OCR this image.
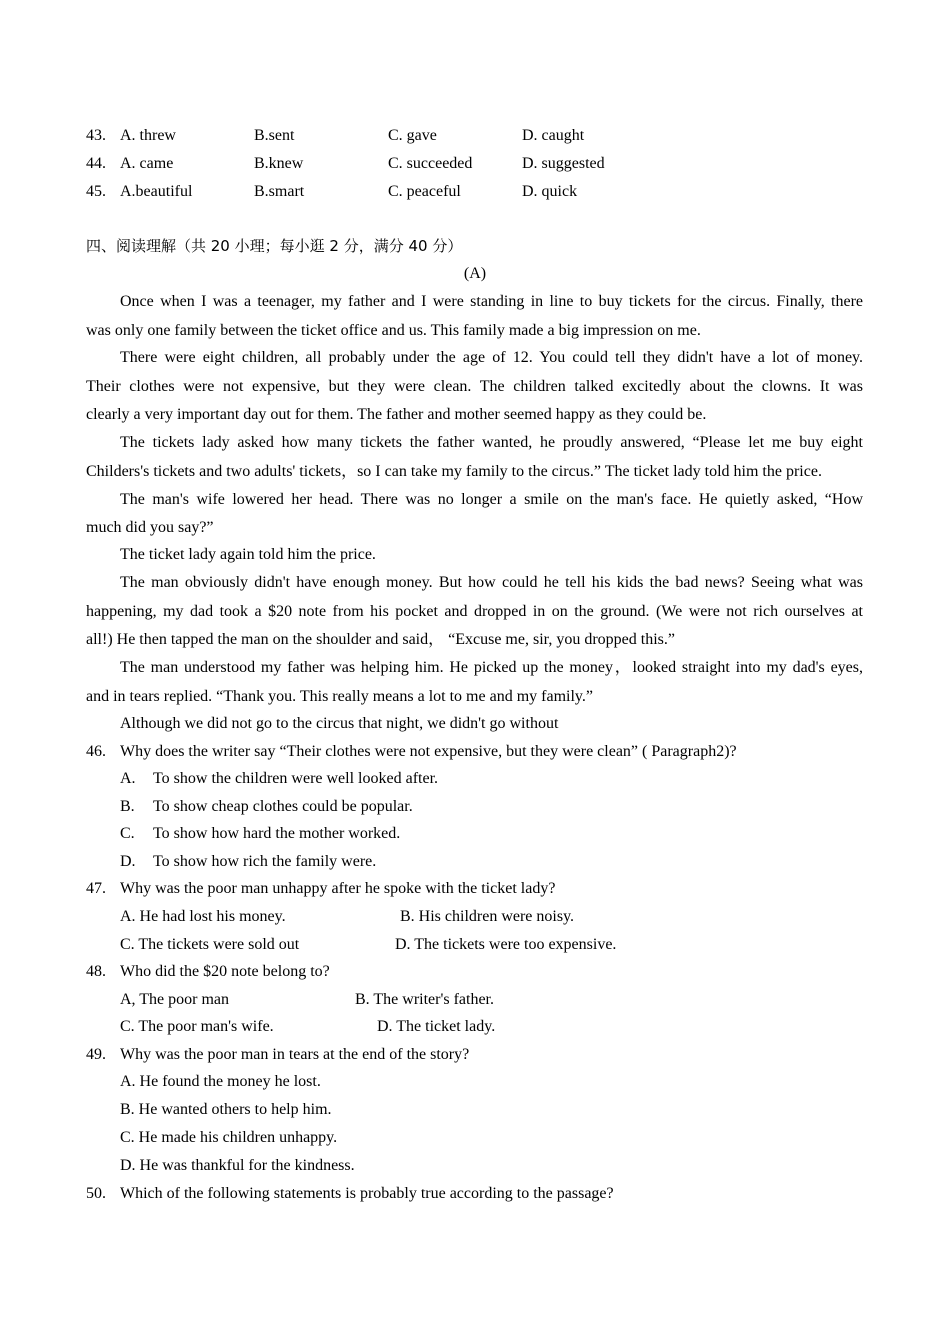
43. A. threw	B.sent	C. gave	D. caught
44. A. came	B.knew	C. succeeded	D. suggested
45. A.beautiful	B.smart	C. peaceful	D. quick
四、阅读理解（共 20 小理；每小逛 2 分，满分 40 分）
(A)
Once when I was a teenager, my father and I were standing in line to buy tickets for the circus. Finally, there
was only one family between the ticket office and us. This family made a big impression on me.
There were eight children, all probably under the age of 12. You could tell they didn't have a lot of money.
Their clothes were not expensive, but they were clean. The children talked excitedly about the clowns. It was
clearly a very important day out for them. The father and mother seemed happy as they could be.
The tickets lady asked how many tickets the father wanted, he proudly answered, “Please let me buy eight
Childers's tickets and two adults' tickets，so I can take my family to the circus.” The ticket lady told him the price.
The man's wife lowered her head. There was no longer a smile on the man's face. He quietly asked, “How
much did you say?”
The ticket lady again told him the price.
The man obviously didn't have enough money. But how could he tell his kids the bad news? Seeing what was
happening, my dad took a $20 note from his pocket and dropped in on the ground. (We were not rich ourselves at
all!) He then tapped the man on the shoulder and said， “Excuse me, sir, you dropped this.”
The man understood my father was helping him. He picked up the money，looked straight into my dad's eyes,
and in tears replied. “Thank you. This really means a lot to me and my family.”
Although we did not go to the circus that night, we didn't go without
46. Why does the writer say “Their clothes were not expensive, but they were clean” ( Paragraph2)?
A. To show the children were well looked after.
B. To show cheap clothes could be popular.
C. To show how hard the mother worked.
D. To show how rich the family were.
47. Why was the poor man unhappy after he spoke with the ticket lady?
A. He had lost his money.	B. His children were noisy.
C. The tickets were sold out	D. The tickets were too expensive.
48. Who did the $20 note belong to?
A, The poor man	B. The writer's father.
C. The poor man's wife.	D. The ticket lady.
49. Why was the poor man in tears at the end of the story?
A. He found the money he lost.
B. He wanted others to help him.
C. He made his children unhappy.
D. He was thankful for the kindness.
50. Which of the following statements is probably true according to the passage?
